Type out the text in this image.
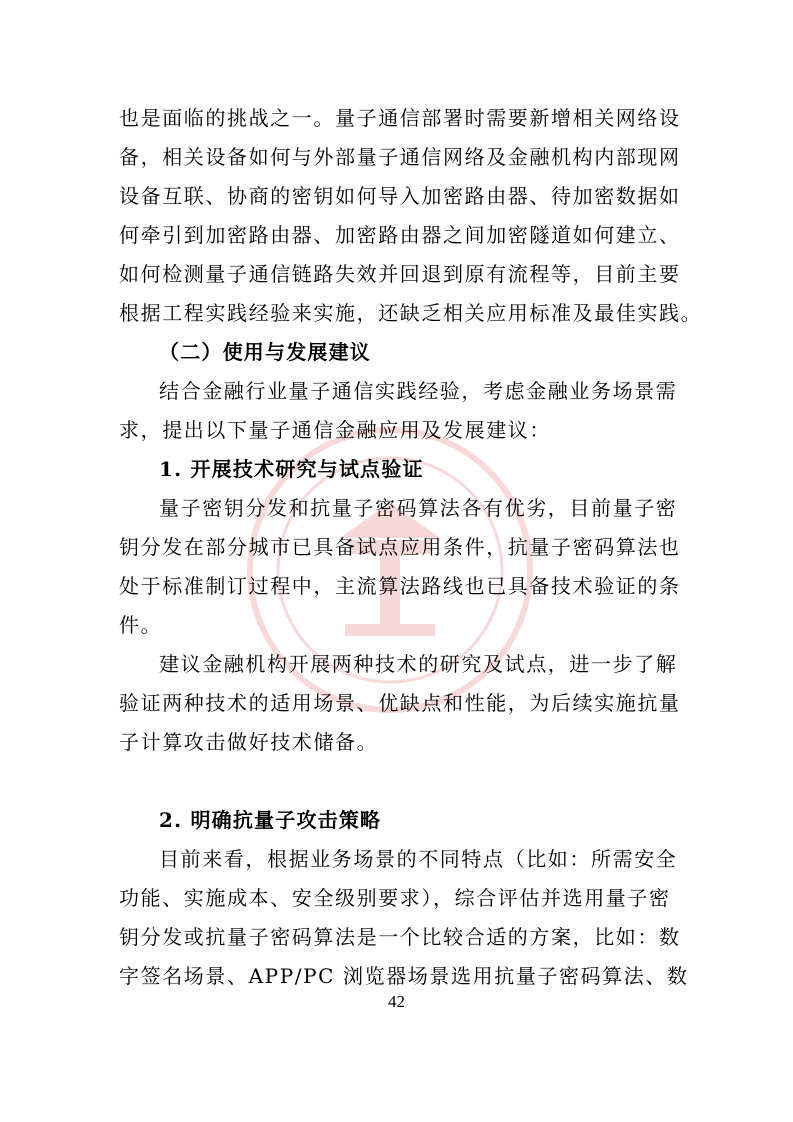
也是面临的挑战之一。量子通信部署时需要新增相关网络设
备，相关设备如何与外部量子通信网络及金融机构内部现网
设备互联、协商的密钥如何导入加密路由器、待加密数据如
何牵引到加密路由器、加密路由器之间加密隧道如何建立、
如何检测量子通信链路失效并回退到原有流程等，目前主要
根据工程实践经验来实施，还缺乏相关应用标准及最佳实践。
（二）使用与发展建议
结合金融行业量子通信实践经验，考虑金融业务场景需
求，提出以下量子通信金融应用及发展建议：
1. 开展技术研究与试点验证
量子密钥分发和抗量子密码算法各有优劣，目前量子密
钥分发在部分城市已具备试点应用条件，抗量子密码算法也
处于标准制订过程中，主流算法路线也已具备技术验证的条
件。
建议金融机构开展两种技术的研究及试点，进一步了解
验证两种技术的适用场景、优缺点和性能，为后续实施抗量
子计算攻击做好技术储备。
2. 明确抗量子攻击策略
目前来看，根据业务场景的不同特点（比如：所需安全
功能、实施成本、安全级别要求），综合评估并选用量子密
钥分发或抗量子密码算法是一个比较合适的方案，比如：数
字签名场景、APP/PC 浏览器场景选用抗量子密码算法、数
42
